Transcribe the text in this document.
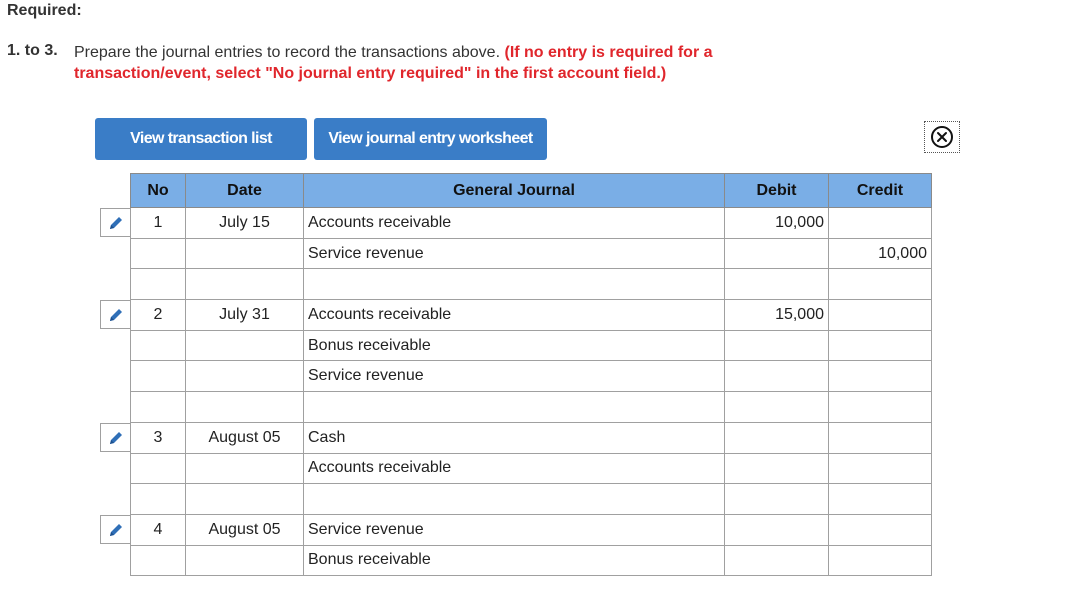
Required:
1. to 3. Prepare the journal entries to record the transactions above. (If no entry is required for a transaction/event, select "No journal entry required" in the first account field.)
View transaction list	View journal entry worksheet
No	Date	General Journal	Debit	Credit
1	July 15	Accounts receivable	10,000	
		Service revenue		10,000

2	July 31	Accounts receivable	15,000	
		Bonus receivable		
		Service revenue		

3	August 05	Cash		
		Accounts receivable		

4	August 05	Service revenue		
		Bonus receivable		
